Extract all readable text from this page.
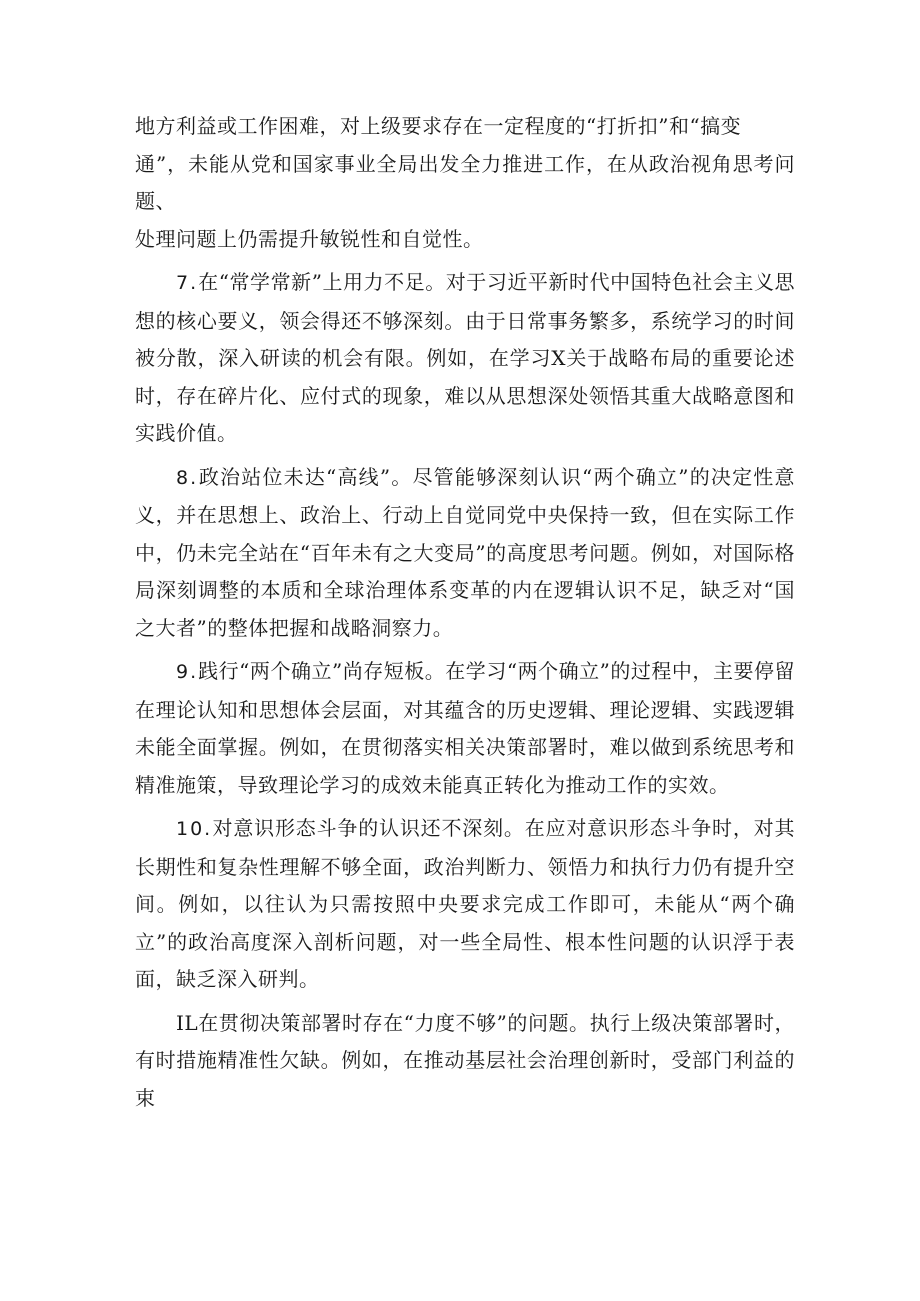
地方利益或工作困难，对上级要求存在一定程度的“打折扣”和“搞变
通”，未能从党和国家事业全局出发全力推进工作，在从政治视角思考问题、
处理问题上仍需提升敏锐性和自觉性。

7.在“常学常新”上用力不足。对于习近平新时代中国特色社会主义思想的核心要义，领会得还不够深刻。由于日常事务繁多，系统学习的时间被分散，深入研读的机会有限。例如，在学习X关于战略布局的重要论述时，存在碎片化、应付式的现象，难以从思想深处领悟其重大战略意图和实践价值。

8.政治站位未达“高线”。尽管能够深刻认识“两个确立”的决定性意义，并在思想上、政治上、行动上自觉同党中央保持一致，但在实际工作中，仍未完全站在“百年未有之大变局”的高度思考问题。例如，对国际格局深刻调整的本质和全球治理体系变革的内在逻辑认识不足，缺乏对“国之大者”的整体把握和战略洞察力。

9.践行“两个确立”尚存短板。在学习“两个确立”的过程中，主要停留在理论认知和思想体会层面，对其蕴含的历史逻辑、理论逻辑、实践逻辑未能全面掌握。例如，在贯彻落实相关决策部署时，难以做到系统思考和精准施策，导致理论学习的成效未能真正转化为推动工作的实效。

10.对意识形态斗争的认识还不深刻。在应对意识形态斗争时，对其长期性和复杂性理解不够全面，政治判断力、领悟力和执行力仍有提升空间。例如，以往认为只需按照中央要求完成工作即可，未能从“两个确立”的政治高度深入剖析问题，对一些全局性、根本性问题的认识浮于表面，缺乏深入研判。

IL在贯彻决策部署时存在“力度不够”的问题。执行上级决策部署时，有时措施精准性欠缺。例如，在推动基层社会治理创新时，受部门利益的束
